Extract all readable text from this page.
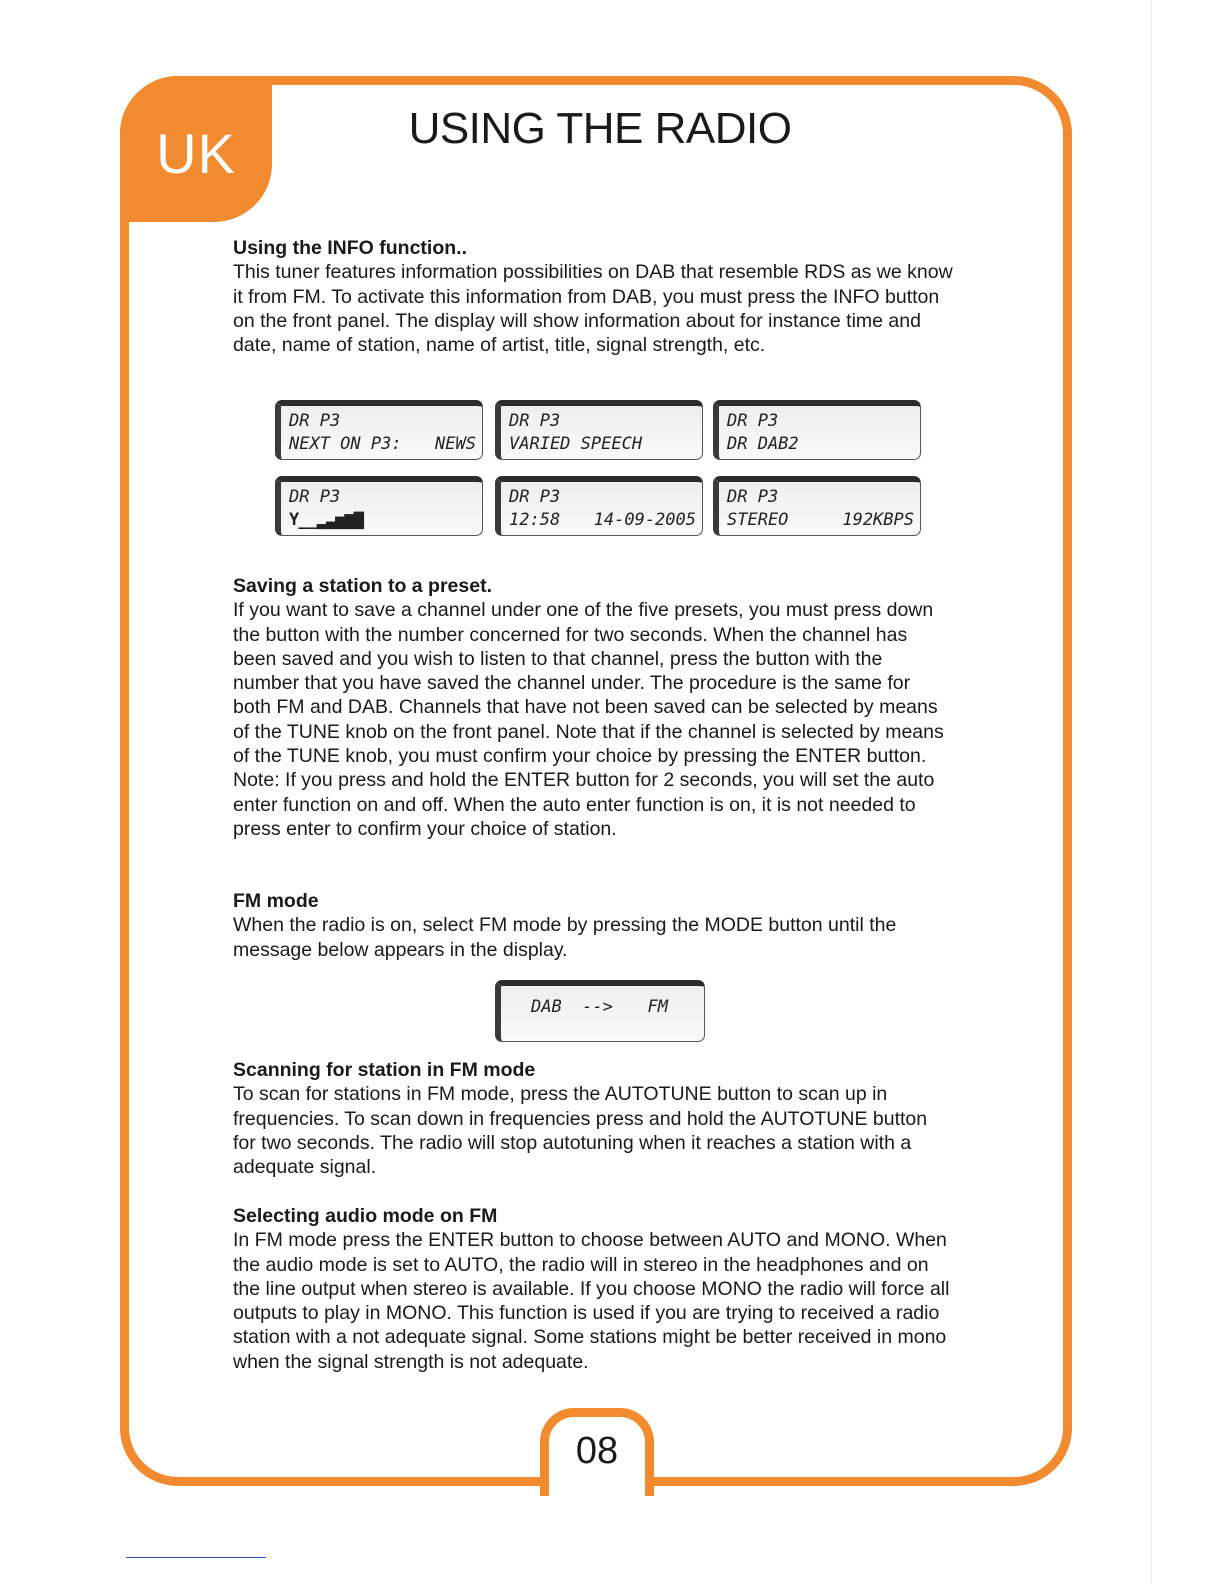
UK	USING THE RADIO
Using the INFO function..

This tuner features information possibilities on DAB that resemble RDS as we know it from FM. To activate this information from DAB, you must press the INFO button on the front panel. The display will show information about for instance time and date, name of station, name of artist, title, signal strength, etc.

DR P3
NEXT ON P3: NEWS
DR P3
VARIED SPEECH
DR P3
DR DAB2
DR P3
Y__▂▃▅▆▇
DR P3
12:58 14-09-2005
DR P3
STEREO	192KBPS
Saving a station to a preset.

If you want to save a channel under one of the five presets, you must press down the button with the number concerned for two seconds. When the channel has been saved and you wish to listen to that channel, press the button with the number that you have saved the channel under. The procedure is the same for both FM and DAB. Channels that have not been saved can be selected by means of the TUNE knob on the front panel. Note that if the channel is selected by means of the TUNE knob, you must confirm your choice by pressing the ENTER button. Note: If you press and hold the ENTER button for 2 seconds, you will set the auto enter function on and off. When the auto enter function is on, it is not needed to press enter to confirm your choice of station.

FM mode

When the radio is on, select FM mode by pressing the MODE button until the message below appears in the display.

DAB  --> FM
Scanning for station in FM mode

To scan for stations in FM mode, press the AUTOTUNE button to scan up in frequencies. To scan down in frequencies press and hold the AUTOTUNE button for two seconds. The radio will stop autotuning when it reaches a station with a adequate signal.

Selecting audio mode on FM

In FM mode press the ENTER button to choose between AUTO and MONO. When the audio mode is set to AUTO, the radio will in stereo in the headphones and on the line output when stereo is available. If you choose MONO the radio will force all outputs to play in MONO. This function is used if you are trying to received a radio station with a not adequate signal. Some stations might be better received in mono when the signal strength is not adequate.

08
